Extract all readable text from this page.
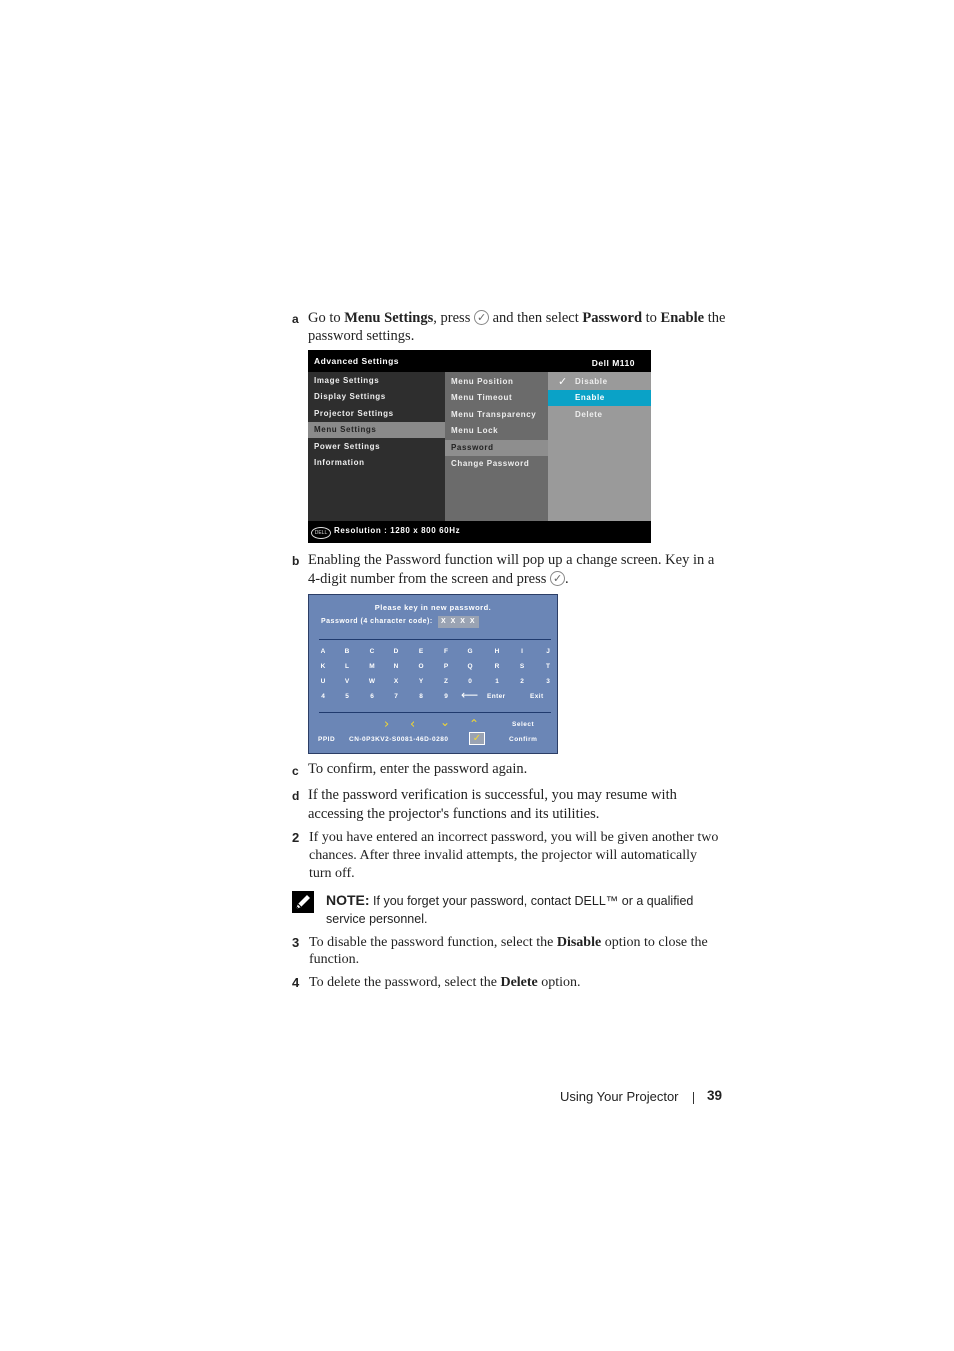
a Go to Menu Settings, press ✓ and then select Password to Enable the
password settings.
Advanced Settings	Dell M110
Image Settings
Display Settings
Projector Settings
Menu Settings
Power Settings
Information
Menu Position
Menu Timeout
Menu Transparency
Menu Lock
Password
Change Password
✓ Disable
Enable
Delete
DELL Resolution : 1280 x 800 60Hz
b Enabling the Password function will pop up a change screen. Key in a
4-digit number from the screen and press ✓.
Please key in new password.
Password (4 character code):	X X X X
A	B	C	D	E	F	G	H	I	J
K	L	M	N	O	P	Q	R	S	T
U	V	W	X	Y	Z	0	1	2	3
4	5	6	7	8	9	⟵ Enter	Exit
› ‹ ⌄ ⌃	Select
PPID CN-0P3KV2-S0081-46D-0280	✓	Confirm
c To confirm, enter the password again.
d If the password verification is successful, you may resume with
accessing the projector's functions and its utilities.
2 If you have entered an incorrect password, you will be given another two
chances. After three invalid attempts, the projector will automatically
turn off.
NOTE: If you forget your password, contact DELL™ or a qualified
service personnel.
3 To disable the password function, select the Disable option to close the
function.
4 To delete the password, select the Delete option.
Using Your Projector 39
